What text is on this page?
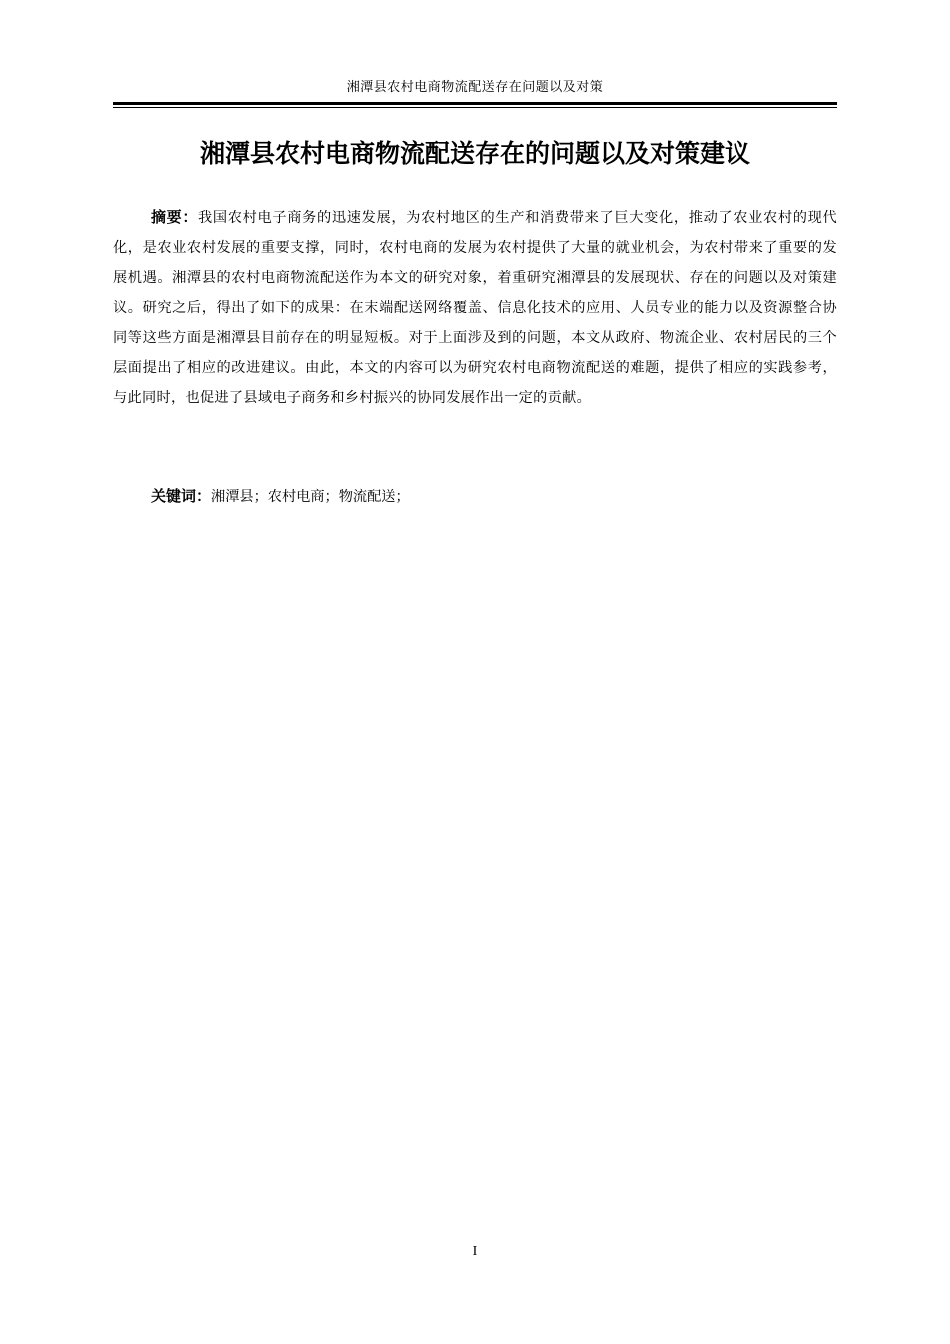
湘潭县农村电商物流配送存在问题以及对策
湘潭县农村电商物流配送存在的问题以及对策建议

摘要：我国农村电子商务的迅速发展，为农村地区的生产和消费带来了巨大变化，推动了农业农村的现代化，是农业农村发展的重要支撑，同时，农村电商的发展为农村提供了大量的就业机会，为农村带来了重要的发展机遇。湘潭县的农村电商物流配送作为本文的研究对象，着重研究湘潭县的发展现状、存在的问题以及对策建议。研究之后，得出了如下的成果：在末端配送网络覆盖、信息化技术的应用、人员专业的能力以及资源整合协同等这些方面是湘潭县目前存在的明显短板。对于上面涉及到的问题，本文从政府、物流企业、农村居民的三个层面提出了相应的改进建议。由此，本文的内容可以为研究农村电商物流配送的难题，提供了相应的实践参考，与此同时，也促进了县域电子商务和乡村振兴的协同发展作出一定的贡献。

关键词：湘潭县；农村电商；物流配送；

I
